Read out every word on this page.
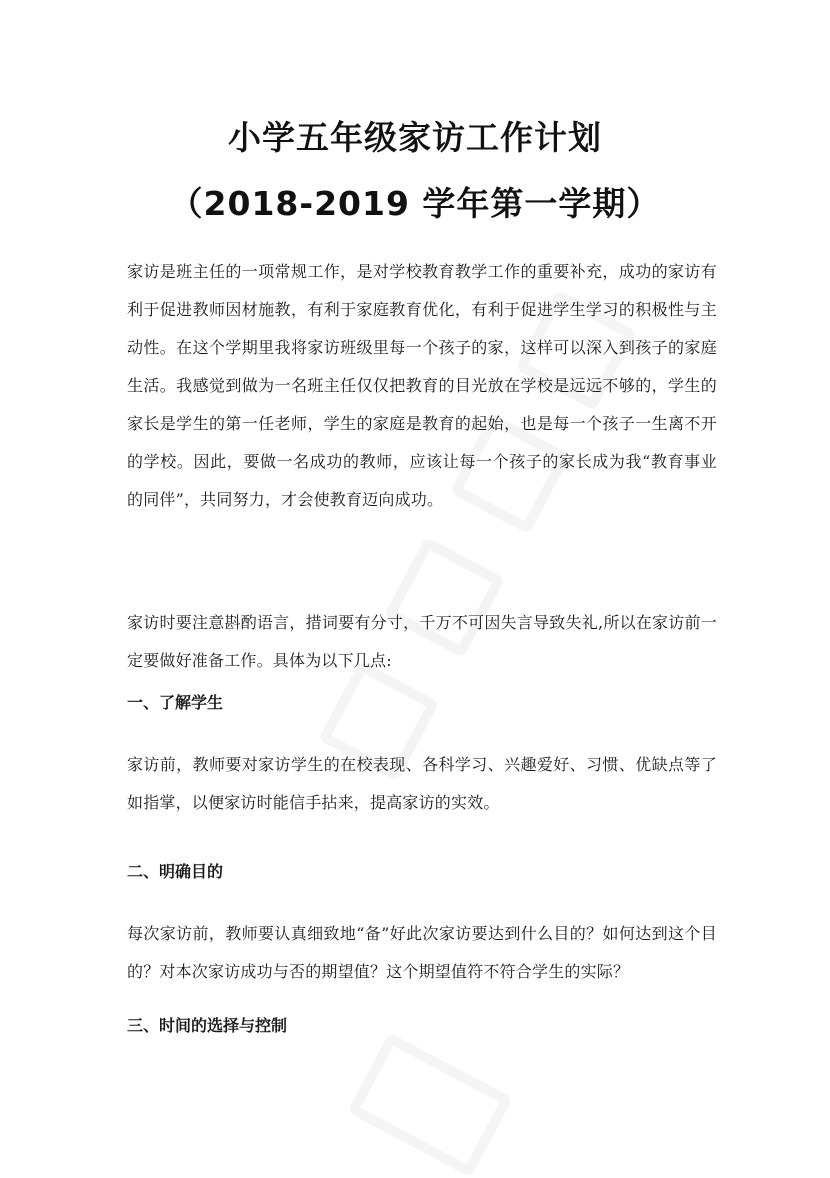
小学五年级家访工作计划
（2018-2019 学年第一学期）

家访是班主任的一项常规工作，是对学校教育教学工作的重要补充，成功的家访有利于促进教师因材施教，有利于家庭教育优化，有利于促进学生学习的积极性与主动性。在这个学期里我将家访班级里每一个孩子的家，这样可以深入到孩子的家庭生活。我感觉到做为一名班主任仅仅把教育的目光放在学校是远远不够的，学生的家长是学生的第一任老师，学生的家庭是教育的起始，也是每一个孩子一生离不开的学校。因此，要做一名成功的教师，应该让每一个孩子的家长成为我“教育事业的同伴”，共同努力，才会使教育迈向成功。

家访时要注意斟酌语言，措词要有分寸，千万不可因失言导致失礼,所以在家访前一定要做好准备工作。具体为以下几点:

一、了解学生

家访前，教师要对家访学生的在校表现、各科学习、兴趣爱好、习惯、优缺点等了如指掌，以便家访时能信手拈来，提高家访的实效。

二、明确目的

每次家访前，教师要认真细致地“备”好此次家访要达到什么目的？如何达到这个目的？对本次家访成功与否的期望值？这个期望值符不符合学生的实际？

三、时间的选择与控制
